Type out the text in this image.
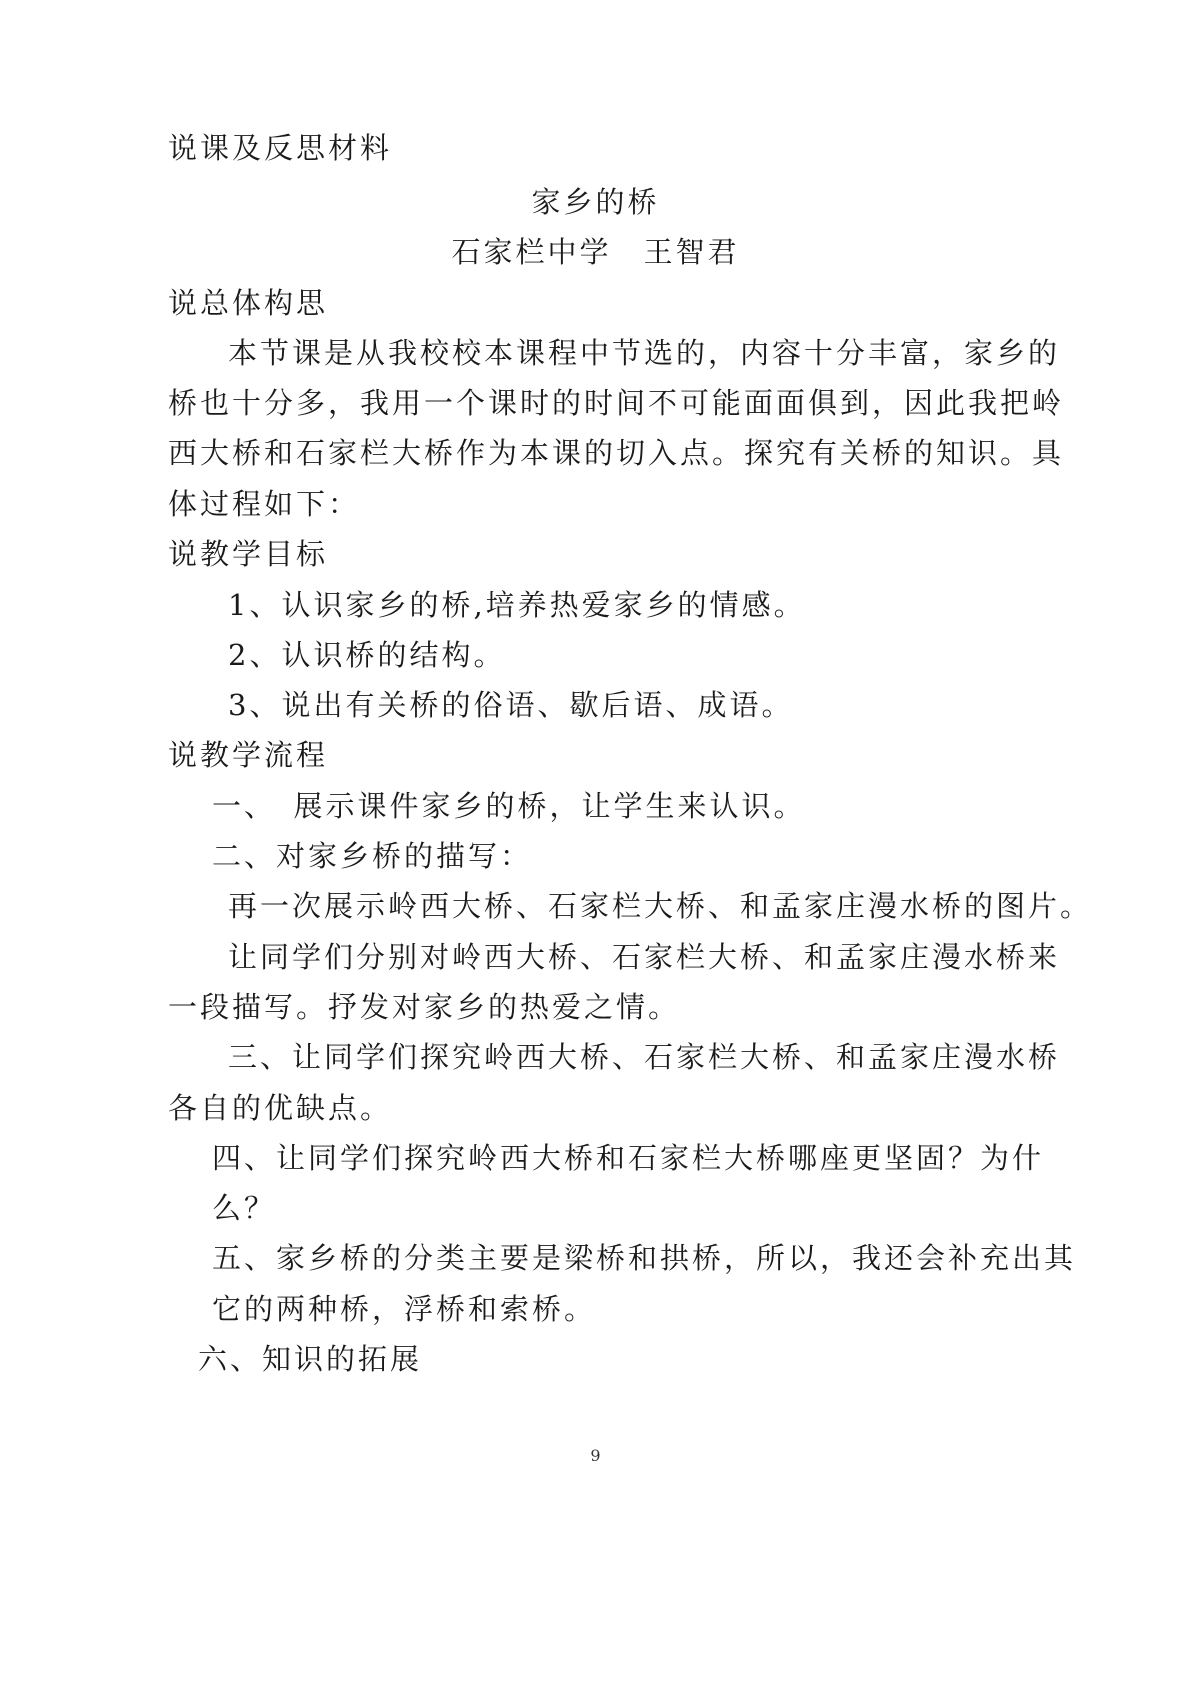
说课及反思材料
家乡的桥
石家栏中学　王智君
说总体构思
本节课是从我校校本课程中节选的，内容十分丰富，家乡的
桥也十分多，我用一个课时的时间不可能面面俱到，因此我把岭
西大桥和石家栏大桥作为本课的切入点。探究有关桥的知识。具
体过程如下：
说教学目标
1、认识家乡的桥,培养热爱家乡的情感。
2、认识桥的结构。
3、说出有关桥的俗语、歇后语、成语。
说教学流程
一、　展示课件家乡的桥，让学生来认识。
二、对家乡桥的描写：
再一次展示岭西大桥、石家栏大桥、和孟家庄漫水桥的图片。
让同学们分别对岭西大桥、石家栏大桥、和孟家庄漫水桥来
一段描写。抒发对家乡的热爱之情。
三、让同学们探究岭西大桥、石家栏大桥、和孟家庄漫水桥
各自的优缺点。
四、让同学们探究岭西大桥和石家栏大桥哪座更坚固？为什
么？
五、家乡桥的分类主要是梁桥和拱桥，所以，我还会补充出其
它的两种桥，浮桥和索桥。
六、知识的拓展
9
